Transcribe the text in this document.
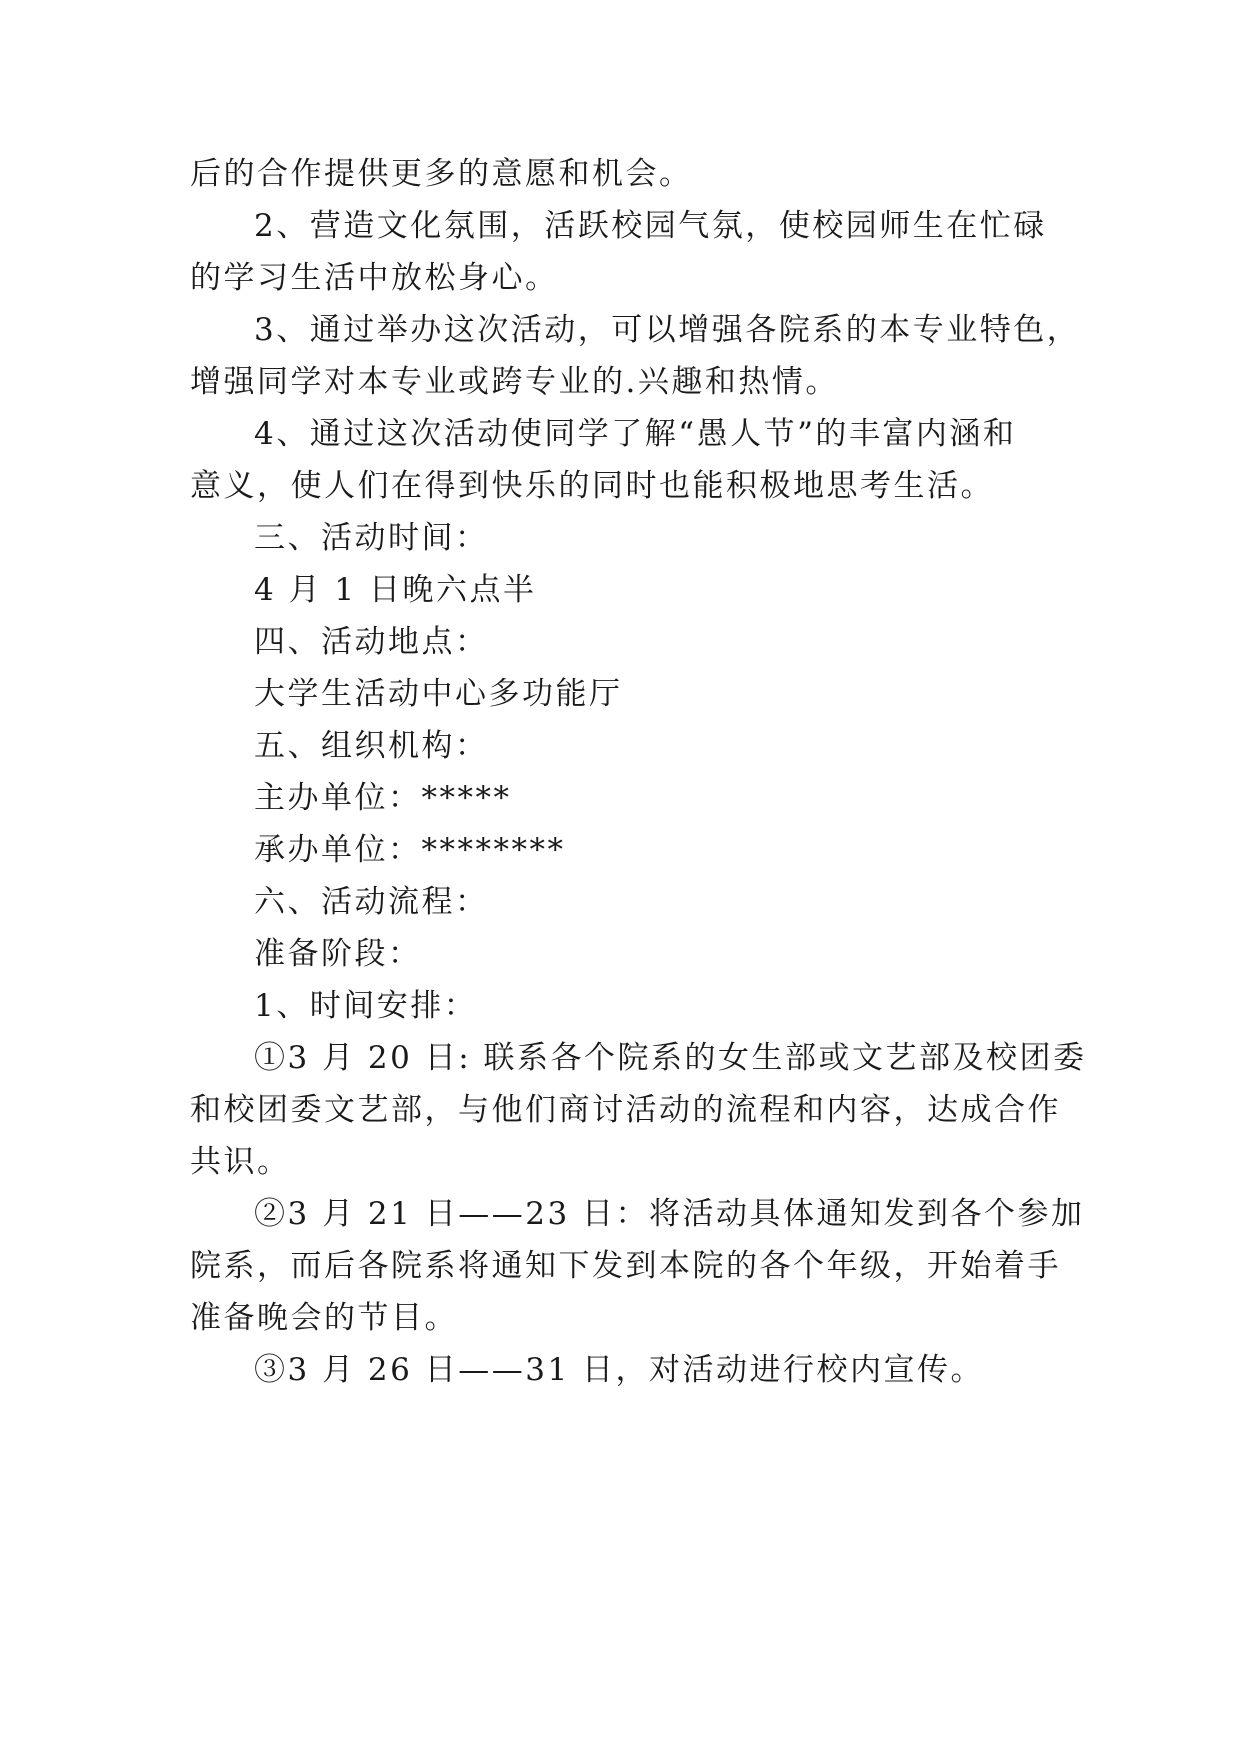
后的合作提供更多的意愿和机会。
2、营造文化氛围，活跃校园气氛，使校园师生在忙碌
的学习生活中放松身心。
3、通过举办这次活动，可以增强各院系的本专业特色，
增强同学对本专业或跨专业的.兴趣和热情。
4、通过这次活动使同学了解“愚人节”的丰富内涵和
意义，使人们在得到快乐的同时也能积极地思考生活。
三、活动时间：
4 月 1 日晚六点半
四、活动地点：
大学生活动中心多功能厅
五、组织机构：
主办单位：*****
承办单位：********
六、活动流程：
准备阶段：
1、时间安排：
①3 月 20 日: 联系各个院系的女生部或文艺部及校团委
和校团委文艺部，与他们商讨活动的流程和内容，达成合作
共识。
②3 月 21 日——23 日：将活动具体通知发到各个参加
院系，而后各院系将通知下发到本院的各个年级，开始着手
准备晚会的节目。
③3 月 26 日——31 日，对活动进行校内宣传。
